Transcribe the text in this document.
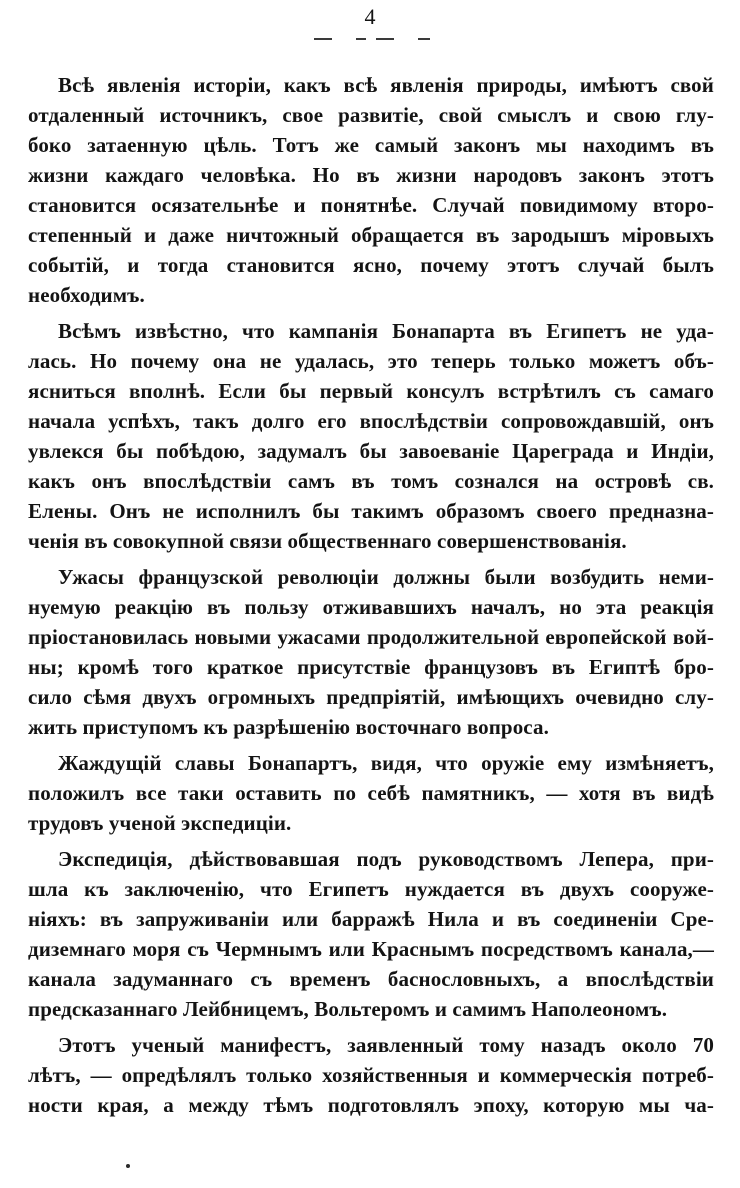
4
Всѣ явленія исторіи, какъ всѣ явленія природы, имѣютъ свой
отдаленный источникъ, свое развитіе, свой смыслъ и свою глу-
боко затаенную цѣль. Тотъ же самый законъ мы находимъ въ
жизни каждаго человѣка. Но въ жизни народовъ законъ этотъ
становится осязательнѣе и понятнѣе. Случай повидимому второ-
степенный и даже ничтожный обращается въ зародышъ міровыхъ
событій, и тогда становится ясно, почему этотъ случай былъ
необходимъ.
Всѣмъ извѣстно, что кампанія Бонапарта въ Египетъ не уда-
лась. Но почему она не удалась, это теперь только можетъ объ-
ясниться вполнѣ. Если бы первый консулъ встрѣтилъ съ самаго
начала успѣхъ, такъ долго его впослѣдствіи сопровождавшій, онъ
увлекся бы побѣдою, задумалъ бы завоеваніе Цареграда и Индіи,
какъ онъ впослѣдствіи самъ въ томъ сознался на островѣ св.
Елены. Онъ не исполнилъ бы такимъ образомъ своего предназна-
ченія въ совокупной связи общественнаго совершенствованія.
Ужасы французской революціи должны были возбудить неми-
нуемую реакцію въ пользу отживавшихъ началъ, но эта реакція
пріостановилась новыми ужасами продолжительной европейской вой-
ны; кромѣ того краткое присутствіе французовъ въ Египтѣ бро-
сило сѣмя двухъ огромныхъ предпріятій, имѣющихъ очевидно слу-
жить приступомъ къ разрѣшенію восточнаго вопроса.
Жаждущій славы Бонапартъ, видя, что оружіе ему измѣняетъ,
положилъ все таки оставить по себѣ памятникъ, — хотя въ видѣ
трудовъ ученой экспедиціи.
Экспедиція, дѣйствовавшая подъ руководствомъ Лепера, при-
шла къ заключенію, что Египетъ нуждается въ двухъ сооруже-
ніяхъ: въ запруживаніи или барражѣ Нила и въ соединеніи Сре-
диземнаго моря съ Чермнымъ или Краснымъ посредствомъ канала,—
канала задуманнаго съ временъ баснословныхъ, а впослѣдствіи
предсказаннаго Лейбницемъ, Вольтеромъ и самимъ Наполеономъ.
Этотъ ученый манифестъ, заявленный тому назадъ около 70
лѣтъ, — опредѣлялъ только хозяйственныя и коммерческія потреб-
ности края, а между тѣмъ подготовлялъ эпоху, которую мы ча-
